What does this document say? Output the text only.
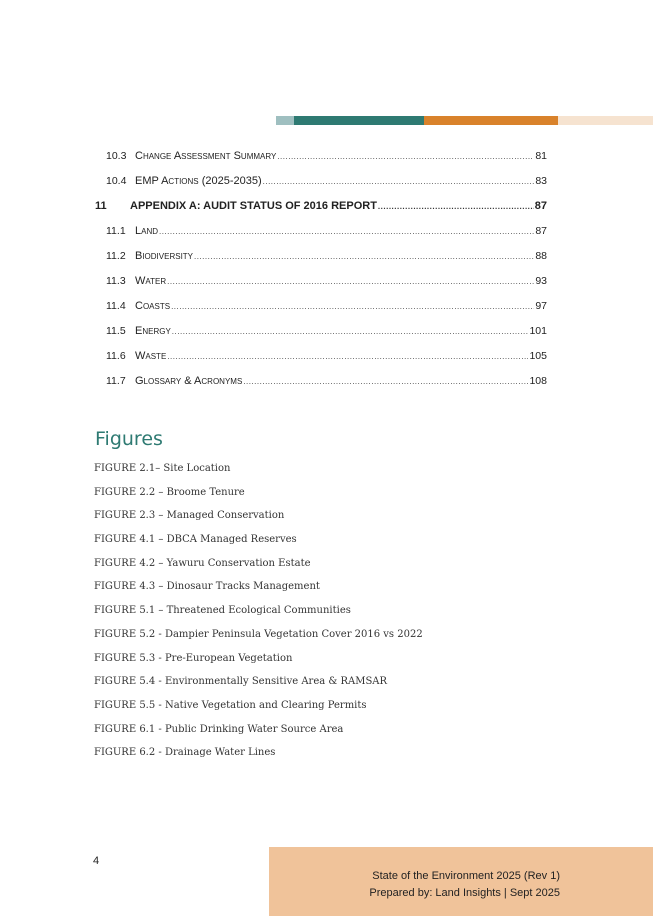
10.3 Change Assessment Summary .....	81
10.4 EMP Actions (2025-2035) .....	83
11	APPENDIX A: AUDIT STATUS OF 2016 REPORT .....	87
11.1 Land .....	87
11.2 Biodiversity .....	88
11.3 Water .....	93
11.4 Coasts .....	97
11.5 Energy .....	101
11.6 Waste .....	105
11.7 Glossary & Acronyms .....	108
Figures
FIGURE 2.1– Site Location
FIGURE 2.2 – Broome Tenure
FIGURE 2.3 – Managed Conservation
FIGURE 4.1 – DBCA Managed Reserves
FIGURE 4.2 – Yawuru Conservation Estate
FIGURE 4.3 – Dinosaur Tracks Management
FIGURE 5.1 – Threatened Ecological Communities
FIGURE 5.2 - Dampier Peninsula Vegetation Cover 2016 vs 2022
FIGURE 5.3 - Pre-European Vegetation
FIGURE 5.4 - Environmentally Sensitive Area & RAMSAR
FIGURE 5.5 - Native Vegetation and Clearing Permits
FIGURE 6.1 - Public Drinking Water Source Area
FIGURE 6.2 - Drainage Water Lines
4
State of the Environment 2025 (Rev 1)
Prepared by: Land Insights | Sept 2025
